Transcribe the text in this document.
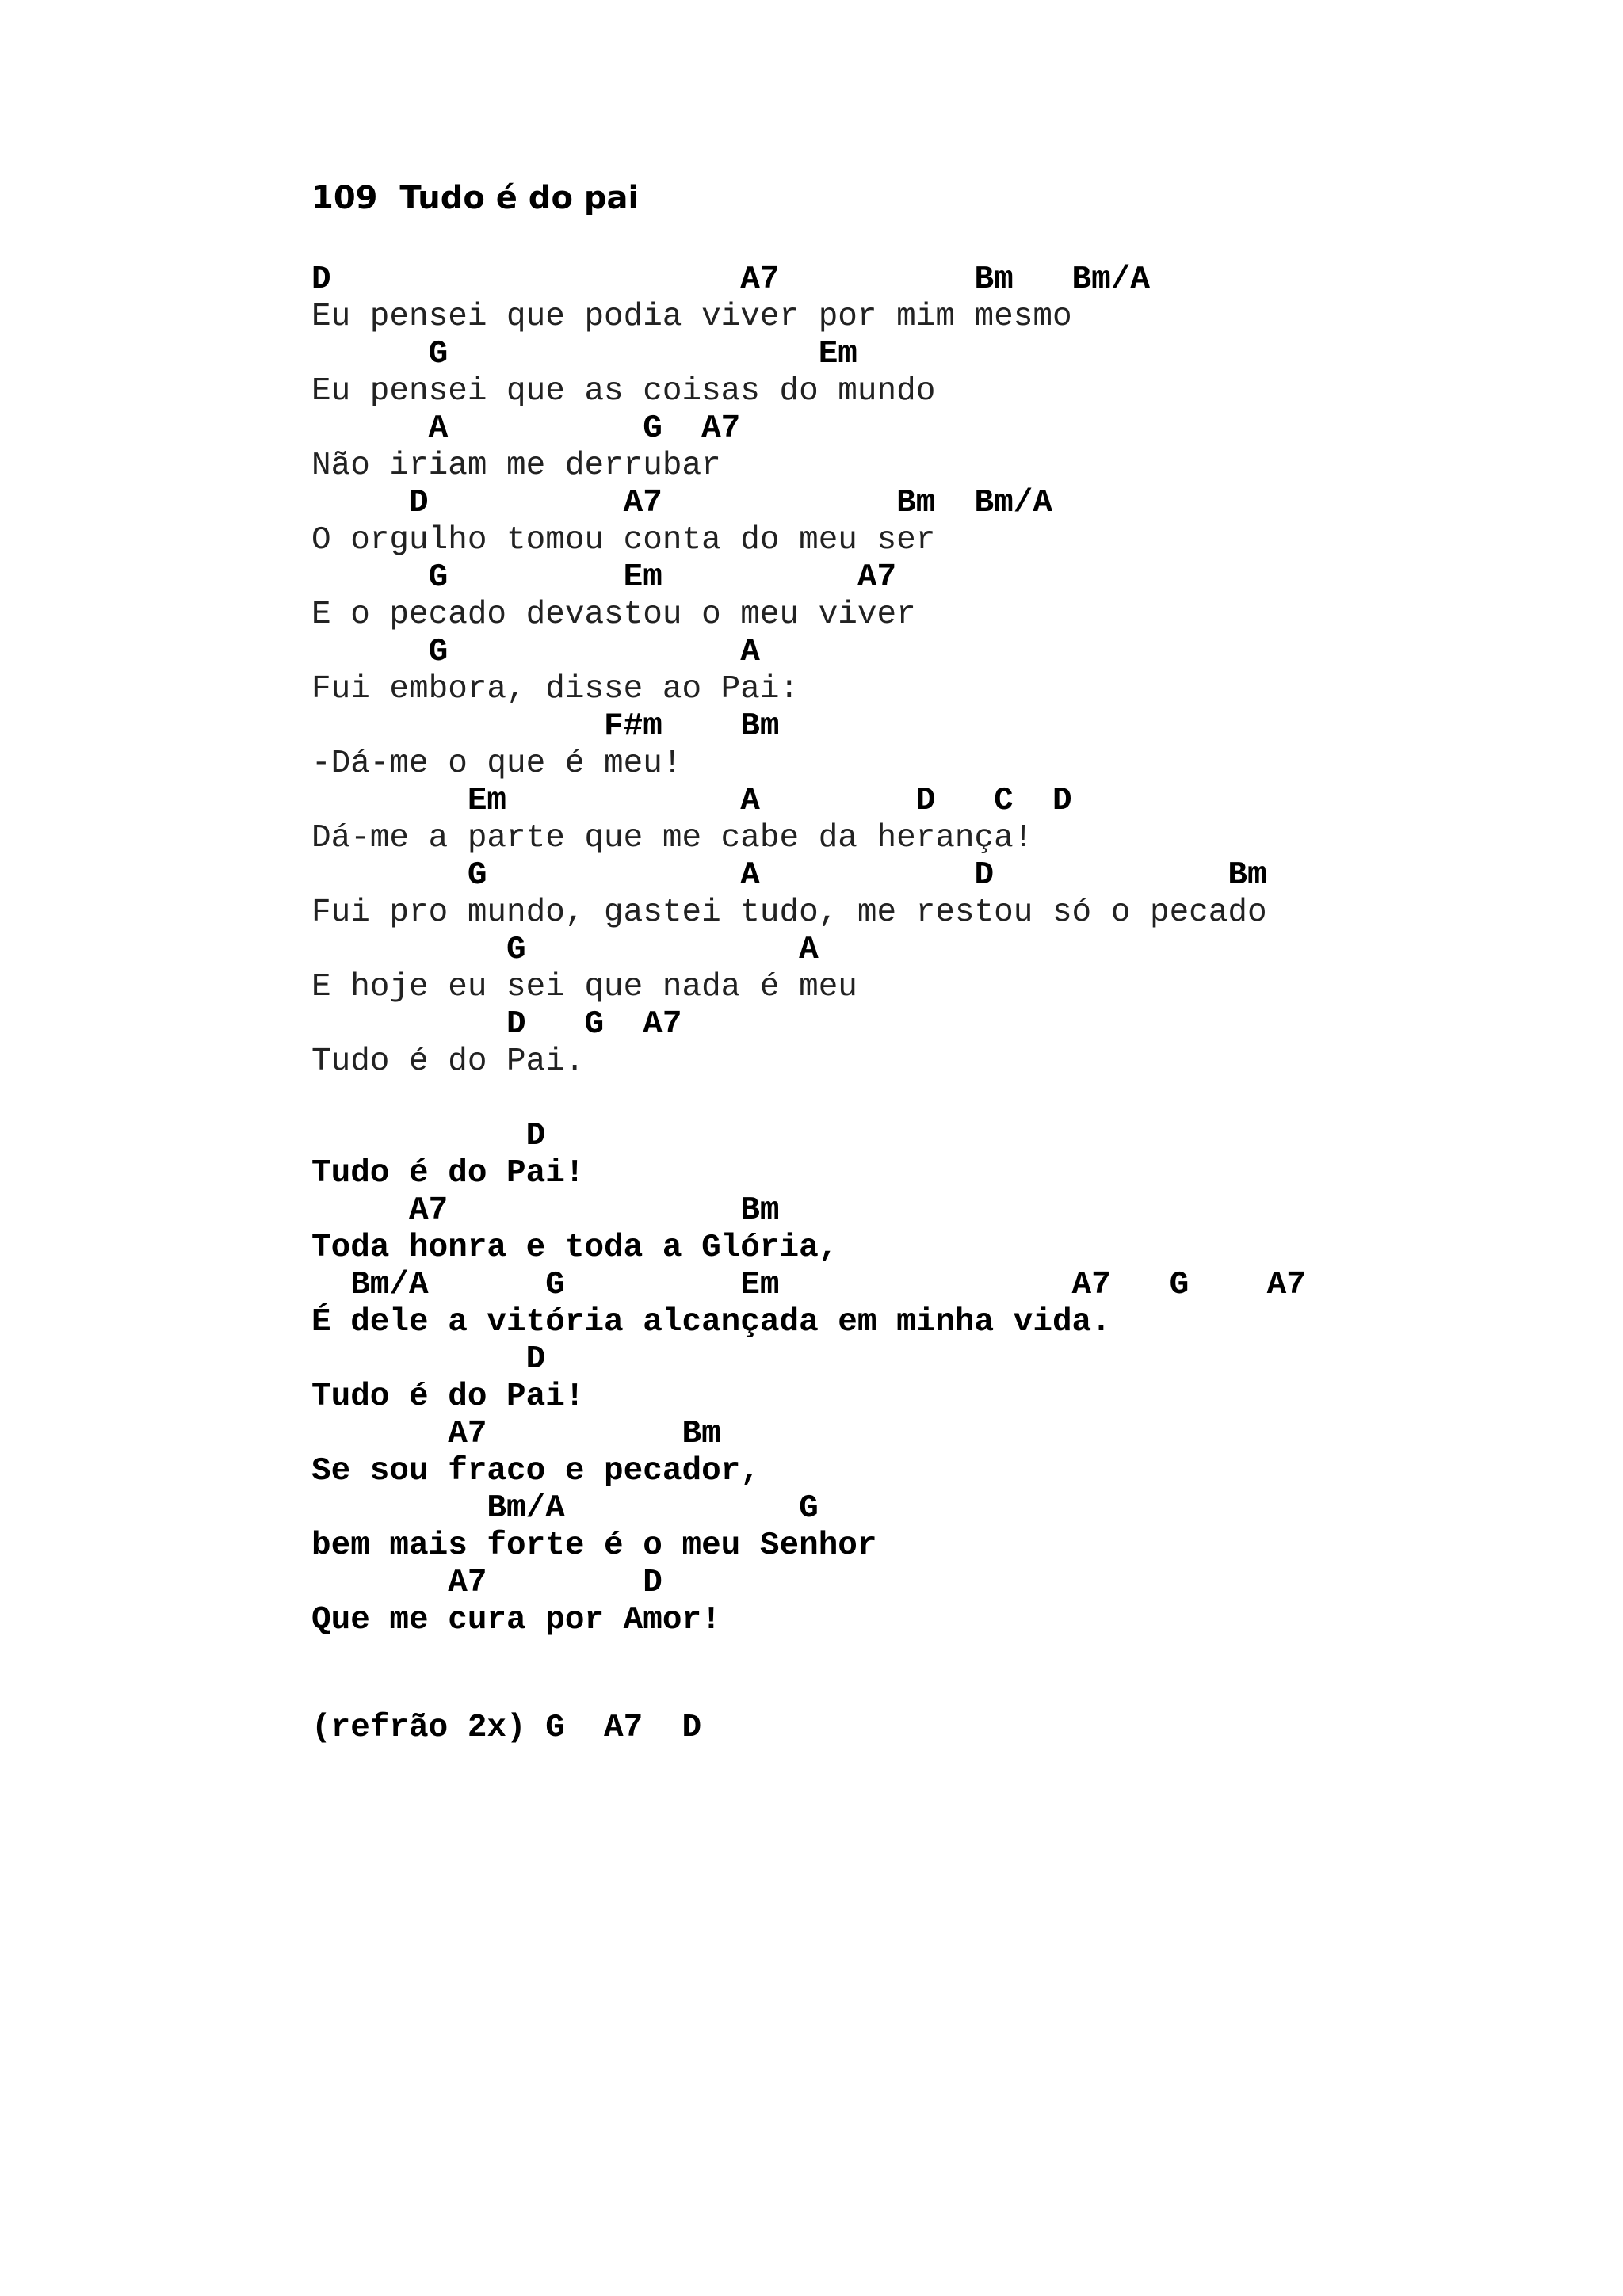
109  Tudo é do pai
D                     A7          Bm   Bm/A
Eu pensei que podia viver por mim mesmo
G                   Em
Eu pensei que as coisas do mundo
A          G  A7
Não iriam me derrubar
D          A7            Bm  Bm/A
O orgulho tomou conta do meu ser
G         Em          A7
E o pecado devastou o meu viver
G               A
Fui embora, disse ao Pai:
F#m    Bm
-Dá-me o que é meu!
Em            A        D   C  D
Dá-me a parte que me cabe da herança!
G             A           D            Bm
Fui pro mundo, gastei tudo, me restou só o pecado
G              A
E hoje eu sei que nada é meu
D   G  A7
Tudo é do Pai.
D
Tudo é do Pai!
A7               Bm
Toda honra e toda a Glória,
Bm/A      G         Em               A7   G    A7
É dele a vitória alcançada em minha vida.
D
Tudo é do Pai!
A7          Bm
Se sou fraco e pecador,
Bm/A            G
bem mais forte é o meu Senhor
A7        D
Que me cura por Amor!
(refrão 2x) G  A7  D
